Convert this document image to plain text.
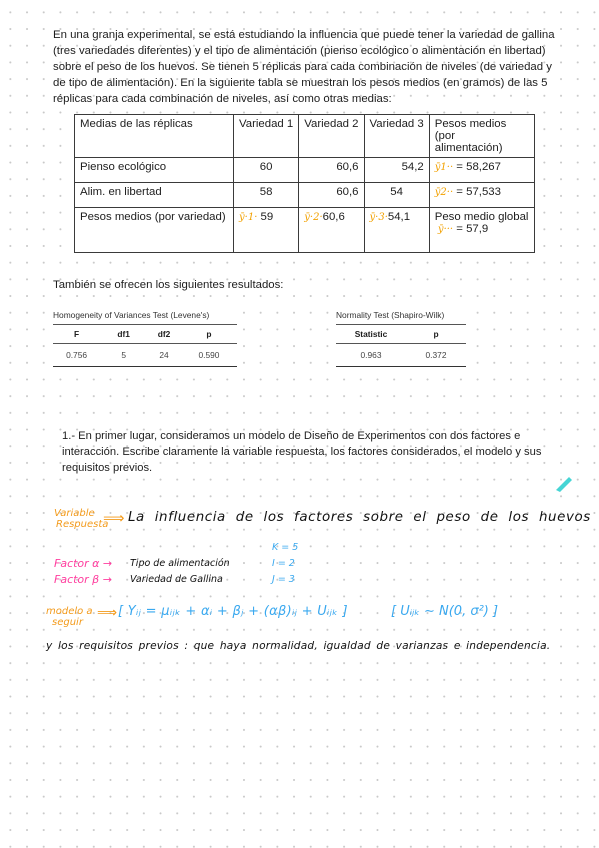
En una granja experimental, se está estudiando la influencia que puede tener la variedad de gallina
(tres variedades diferentes) y el tipo de alimentación (pienso ecológico o alimentación en libertad)
sobre el peso de los huevos. Se tienen 5 réplicas para cada combinación de niveles (de variedad y
de tipo de alimentación). En la siguiente tabla se muestran los pesos medios (en gramos) de las 5
réplicas para cada combinación de niveles, así como otras medias:
Medias de las réplicas	Variedad 1	Variedad 2	Variedad 3	Pesos medios (por
alimentación)
Pienso ecológico	60	60,6	54,2	ȳ1·· = 58,267
Alim. en libertad	58	60,6	54	ȳ2·· = 57,533
Pesos medios (por variedad)	ȳ·1· 59	ȳ·2·60,6	ȳ·3·54,1	Peso medio global
ȳ··· = 57,9
También se ofrecen los siguientes resultados:
Homogeneity of Variances Test (Levene's)
F	df1	df2	p
0.756	5	24	0.590
Normality Test (Shapiro-Wilk)
Statistic	p
0.963	0.372
1.- En primer lugar, consideramos un modelo de Diseño de Experimentos con dos factores e
interacción. Escribe claramente la variable respuesta, los factores considerados, el modelo y sus
requisitos previos.
Variable
Respuesta
⟹ La influencia de los factores sobre el peso de los huevos
K = 5
I = 2
J = 3
Factor α → Tipo de alimentación
Factor β → Variedad de Gallina
modelo a
seguir
⟹ [ Yᵢⱼ = μᵢⱼₖ + αᵢ + βⱼ + (αβ)ᵢⱼ + Uᵢⱼₖ ]	[ Uᵢⱼₖ ∼ N(0, σ²) ]
y los requisitos previos : que haya normalidad, igualdad de varianzas e independencia.
